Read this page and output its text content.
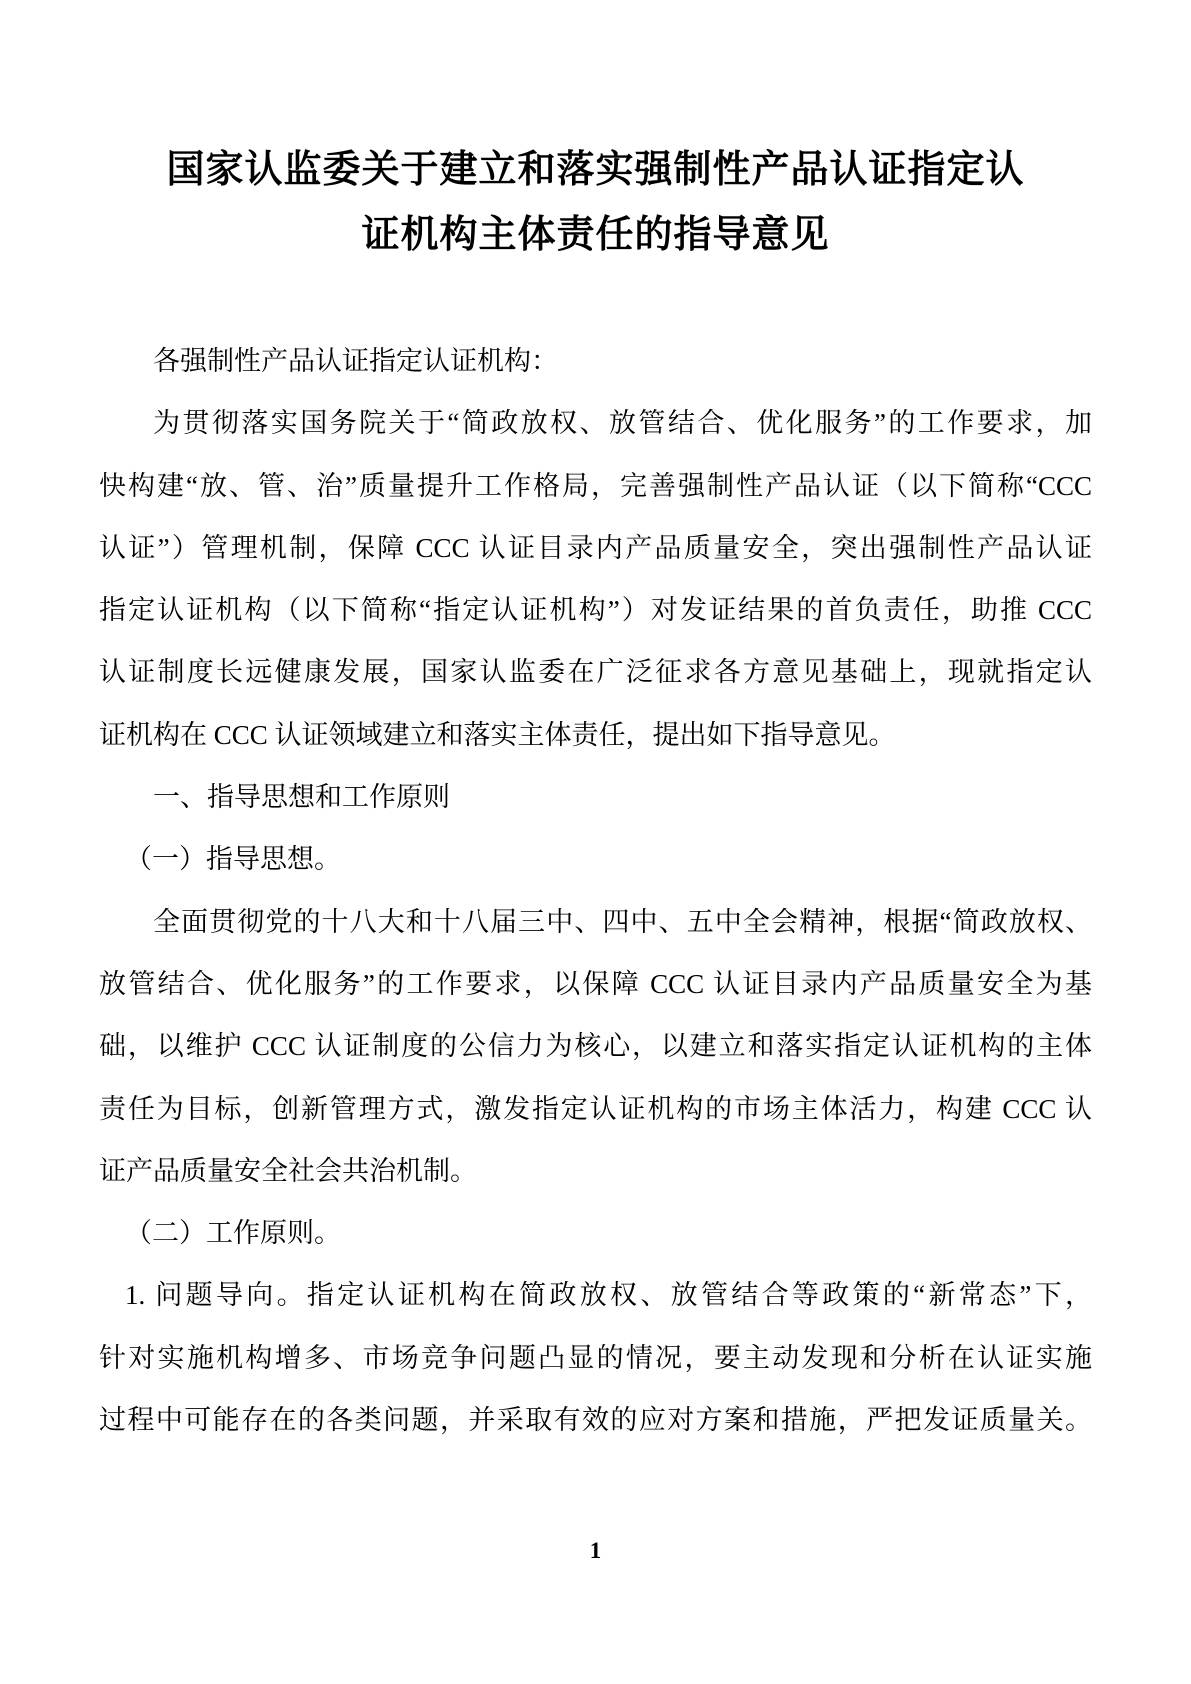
国家认监委关于建立和落实强制性产品认证指定认
证机构主体责任的指导意见
各强制性产品认证指定认证机构：
为贯彻落实国务院关于“简政放权、放管结合、优化服务”的工作要求，加
快构建“放、管、治”质量提升工作格局，完善强制性产品认证（以下简称“CCC
认证”）管理机制，保障 CCC 认证目录内产品质量安全，突出强制性产品认证
指定认证机构（以下简称“指定认证机构”）对发证结果的首负责任，助推 CCC
认证制度长远健康发展，国家认监委在广泛征求各方意见基础上，现就指定认
证机构在 CCC 认证领域建立和落实主体责任，提出如下指导意见。
一、指导思想和工作原则
（一）指导思想。
全面贯彻党的十八大和十八届三中、四中、五中全会精神，根据“简政放权、
放管结合、优化服务”的工作要求，以保障 CCC 认证目录内产品质量安全为基
础，以维护 CCC 认证制度的公信力为核心，以建立和落实指定认证机构的主体
责任为目标，创新管理方式，激发指定认证机构的市场主体活力，构建 CCC 认
证产品质量安全社会共治机制。
（二）工作原则。
1. 问题导向。指定认证机构在简政放权、放管结合等政策的“新常态”下，
针对实施机构增多、市场竞争问题凸显的情况，要主动发现和分析在认证实施
过程中可能存在的各类问题，并采取有效的应对方案和措施，严把发证质量关。
1
